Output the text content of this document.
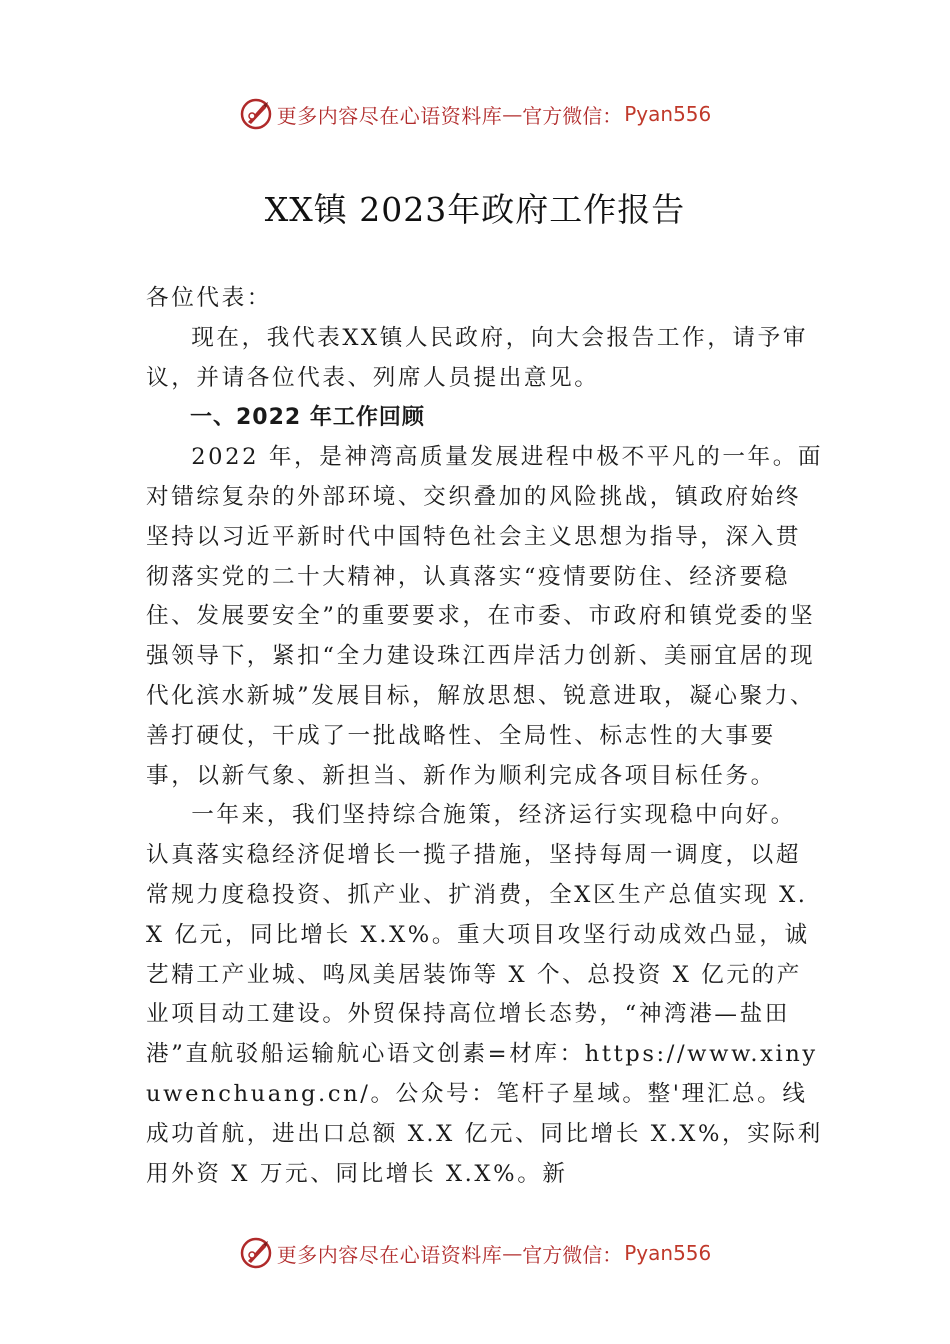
更多内容尽在心语资料库 — 官方微信： Pyan556
XX镇 2023年政府工作报告

各位代表：

现在，我代表XX镇人民政府，向大会报告工作，请予审议，并请各位代表、列席人员提出意见。

一、2022 年工作回顾

2022 年，是神湾高质量发展进程中极不平凡的一年。面对错综复杂的外部环境、交织叠加的风险挑战，镇政府始终坚持以习近平新时代中国特色社会主义思想为指导，深入贯彻落实党的二十大精神，认真落实“疫情要防住、经济要稳住、发展要安全”的重要要求，在市委、市政府和镇党委的坚强领导下，紧扣“全力建设珠江西岸活力创新、美丽宜居的现代化滨水新城”发展目标，解放思想、锐意进取，凝心聚力、善打硬仗，干成了一批战略性、全局性、标志性的大事要事，以新气象、新担当、新作为顺利完成各项目标任务。

一年来，我们坚持综合施策，经济运行实现稳中向好。

认真落实稳经济促增长一揽子措施，坚持每周一调度，以超常规力度稳投资、抓产业、扩消费，全X区生产总值实现 X.X 亿元，同比增长 X.X%。重大项目攻坚行动成效凸显，诚艺精工产业城、鸣凤美居装饰等 X 个、总投资 X 亿元的产业项目动工建设。外贸保持高位增长态势，“神湾港—盐田港”直航驳船运输航心语文创素=材库：https://www.xinyuwenchuang.cn/。公众号：笔杆子星域。整'理汇总。线成功首航，进出口总额 X.X 亿元、同比增长 X.X%，实际利用外资 X 万元、同比增长 X.X%。新

更多内容尽在心语资料库 — 官方微信： Pyan556
